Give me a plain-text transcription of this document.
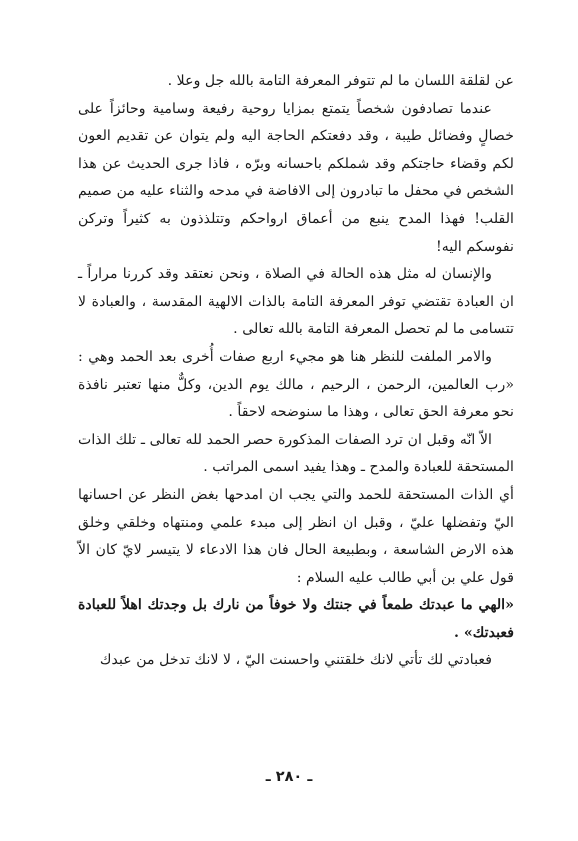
عن لقلقة اللسان ما لم تتوفر المعرفة التامة بالله جل وعلا .

عندما تصادفون شخصاً يتمتع بمزايا روحية رفيعة وسامية وحائزاً على خصالٍ وفضائل طيبة ، وقد دفعتكم الحاجة اليه ولم يتوان عن تقديم العون لكم وقضاء حاجتكم وقد شملكم باحسانه وبرّه ، فاذا جرى الحديث عن هذا الشخص في محفل ما تبادرون إلى الافاضة في مدحه والثناء عليه من صميم القلب! فهذا المدح ينبع من أعماق ارواحكم وتتلذذون به كثيراً وتركن نفوسكم اليه!

والإنسان له مثل هذه الحالة في الصلاة ، ونحن نعتقد وقد كررنا مراراً ـ ان العبادة تقتضي توفر المعرفة التامة بالذات الالهية المقدسة ، والعبادة لا تتسامى ما لم تحصل المعرفة التامة بالله تعالى .

والامر الملفت للنظر هنا هو مجيء اربع صفات أُخرى بعد الحمد وهي : «رب العالمين، الرحمن ، الرحيم ، مالك يوم الدين، وكلٌّ منها تعتبر نافذة نحو معرفة الحق تعالى ، وهذا ما سنوضحه لاحقاً .

الاّ انّه وقبل ان ترد الصفات المذكورة حصر الحمد لله تعالى ـ تلك الذات المستحقة للعبادة والمدح ـ وهذا يفيد اسمى المراتب .

أي الذات المستحقة للحمد والتي يجب ان امدحها بغض النظر عن احسانها اليّ وتفضلها عليّ ، وقبل ان انظر إلى مبدء علمي ومنتهاه وخلقي وخلق هذه الارض الشاسعة ، وبطبيعة الحال فان هذا الادعاء لا يتيسر لايّ كان الاّ قول علي بن أبي طالب عليه السلام :

«الهي ما عبدتك طمعاً في جنتك ولا خوفاً من نارك بل وجدتك اهلاً للعبادة فعبدتك» .

فعبادتي لك تأتي لانك خلقتني واحسنت اليّ ، لا لانك تدخل من عبدك

ـ ٢٨٠ ـ
